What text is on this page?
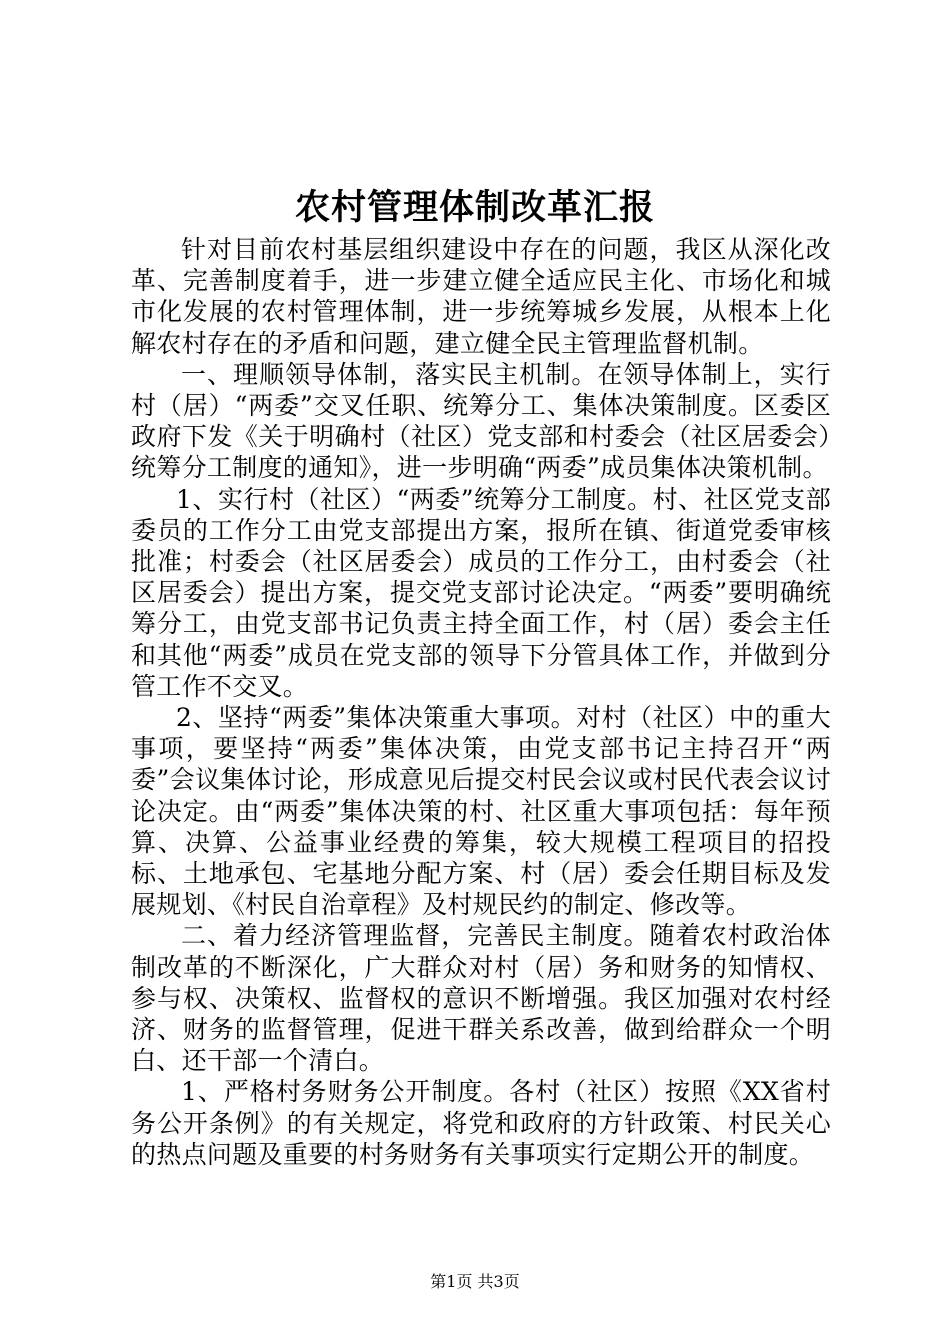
农村管理体制改革汇报

针对目前农村基层组织建设中存在的问题，我区从深化改革、完善制度着手，进一步建立健全适应民主化、市场化和城市化发展的农村管理体制，进一步统筹城乡发展，从根本上化解农村存在的矛盾和问题，建立健全民主管理监督机制。

一、理顺领导体制，落实民主机制。在领导体制上，实行村（居）“两委”交叉任职、统筹分工、集体决策制度。区委区政府下发《关于明确村（社区）党支部和村委会（社区居委会）统筹分工制度的通知》，进一步明确“两委”成员集体决策机制。

1、实行村（社区）“两委”统筹分工制度。村、社区党支部委员的工作分工由党支部提出方案，报所在镇、街道党委审核批准；村委会（社区居委会）成员的工作分工，由村委会（社区居委会）提出方案，提交党支部讨论决定。“两委”要明确统筹分工，由党支部书记负责主持全面工作，村（居）委会主任和其他“两委”成员在党支部的领导下分管具体工作，并做到分管工作不交叉。

2、坚持“两委”集体决策重大事项。对村（社区）中的重大事项，要坚持“两委”集体决策，由党支部书记主持召开“两委”会议集体讨论，形成意见后提交村民会议或村民代表会议讨论决定。由“两委”集体决策的村、社区重大事项包括：每年预算、决算、公益事业经费的筹集，较大规模工程项目的招投标、土地承包、宅基地分配方案、村（居）委会任期目标及发展规划、《村民自治章程》及村规民约的制定、修改等。

二、着力经济管理监督，完善民主制度。随着农村政治体制改革的不断深化，广大群众对村（居）务和财务的知情权、参与权、决策权、监督权的意识不断增强。我区加强对农村经济、财务的监督管理，促进干群关系改善，做到给群众一个明白、还干部一个清白。

1、严格村务财务公开制度。各村（社区）按照《XX省村务公开条例》的有关规定，将党和政府的方针政策、村民关心的热点问题及重要的村务财务有关事项实行定期公开的制度。

第1页 共3页
